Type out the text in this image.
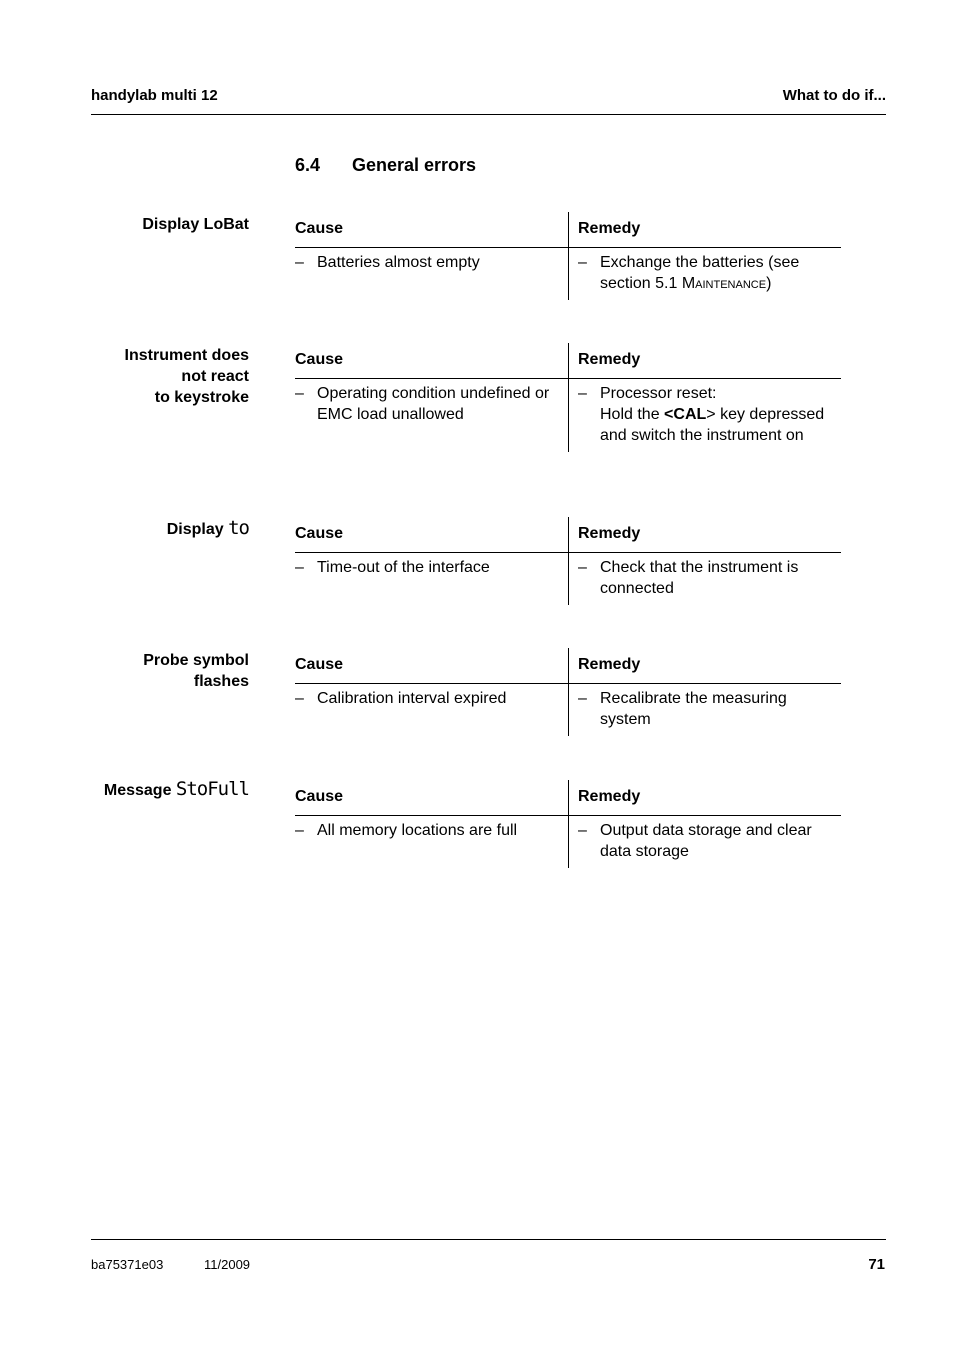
handylab multi 12	What to do if...
6.4 General errors
Display LoBat	Cause	Remedy
– Batteries almost empty	– Exchange the batteries (see section 5.1 Maintenance)
Instrument does
not react
to keystroke
Cause	Remedy
– Operating condition undefined or EMC load unallowed	– Processor reset:
Hold the <CAL> key depressed and switch the instrument on
Display to	Cause	Remedy
– Time-out of the interface	– Check that the instrument is connected
Probe symbol
flashes
Cause	Remedy
– Calibration interval expired	– Recalibrate the measuring system
Message StoFull	Cause	Remedy
– All memory locations are full	– Output data storage and clear data storage
ba75371e03	11/2009	71
